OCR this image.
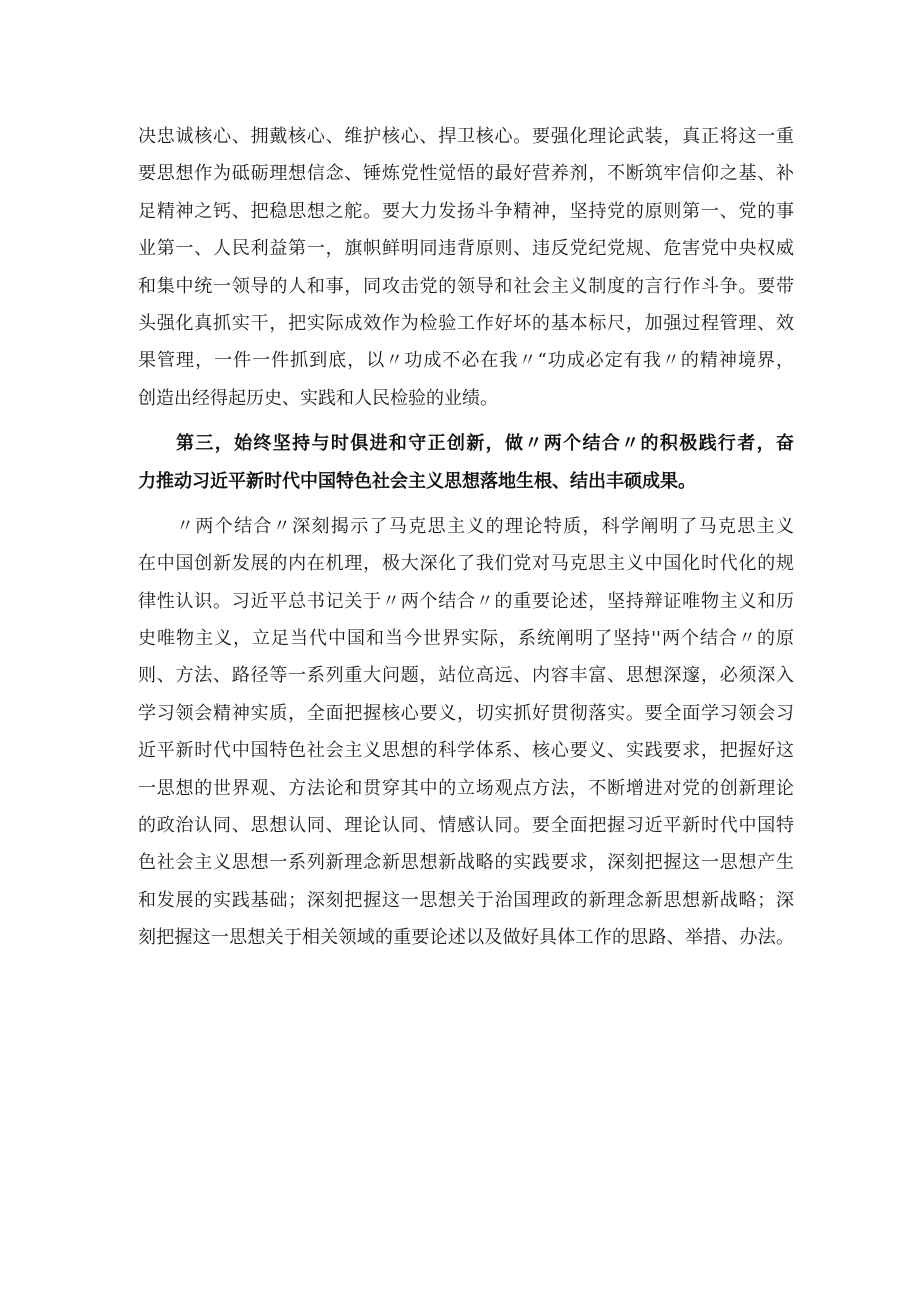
决忠诚核心、拥戴核心、维护核心、捍卫核心。要强化理论武装，真正将这一重
要思想作为砥砺理想信念、锤炼党性觉悟的最好营养剂，不断筑牢信仰之基、补
足精神之钙、把稳思想之舵。要大力发扬斗争精神，坚持党的原则第一、党的事
业第一、人民利益第一，旗帜鲜明同违背原则、违反党纪党规、危害党中央权威
和集中统一领导的人和事，同攻击党的领导和社会主义制度的言行作斗争。要带
头强化真抓实干，把实际成效作为检验工作好坏的基本标尺，加强过程管理、效
果管理，一件一件抓到底，以〃功成不必在我〃“功成必定有我〃的精神境界，
创造出经得起历史、实践和人民检验的业绩。
第三，始终坚持与时俱进和守正创新，做〃两个结合〃的积极践行者，奋
力推动习近平新时代中国特色社会主义思想落地生根、结出丰硕成果。
〃两个结合〃深刻揭示了马克思主义的理论特质，科学阐明了马克思主义
在中国创新发展的内在机理，极大深化了我们党对马克思主义中国化时代化的规
律性认识。习近平总书记关于〃两个结合〃的重要论述，坚持辩证唯物主义和历
史唯物主义，立足当代中国和当今世界实际，系统阐明了坚持''两个结合〃的原
则、方法、路径等一系列重大问题，站位高远、内容丰富、思想深邃，必须深入
学习领会精神实质，全面把握核心要义，切实抓好贯彻落实。要全面学习领会习
近平新时代中国特色社会主义思想的科学体系、核心要义、实践要求，把握好这
一思想的世界观、方法论和贯穿其中的立场观点方法，不断增进对党的创新理论
的政治认同、思想认同、理论认同、情感认同。要全面把握习近平新时代中国特
色社会主义思想一系列新理念新思想新战略的实践要求，深刻把握这一思想产生
和发展的实践基础；深刻把握这一思想关于治国理政的新理念新思想新战略；深
刻把握这一思想关于相关领域的重要论述以及做好具体工作的思路、举措、办法。
